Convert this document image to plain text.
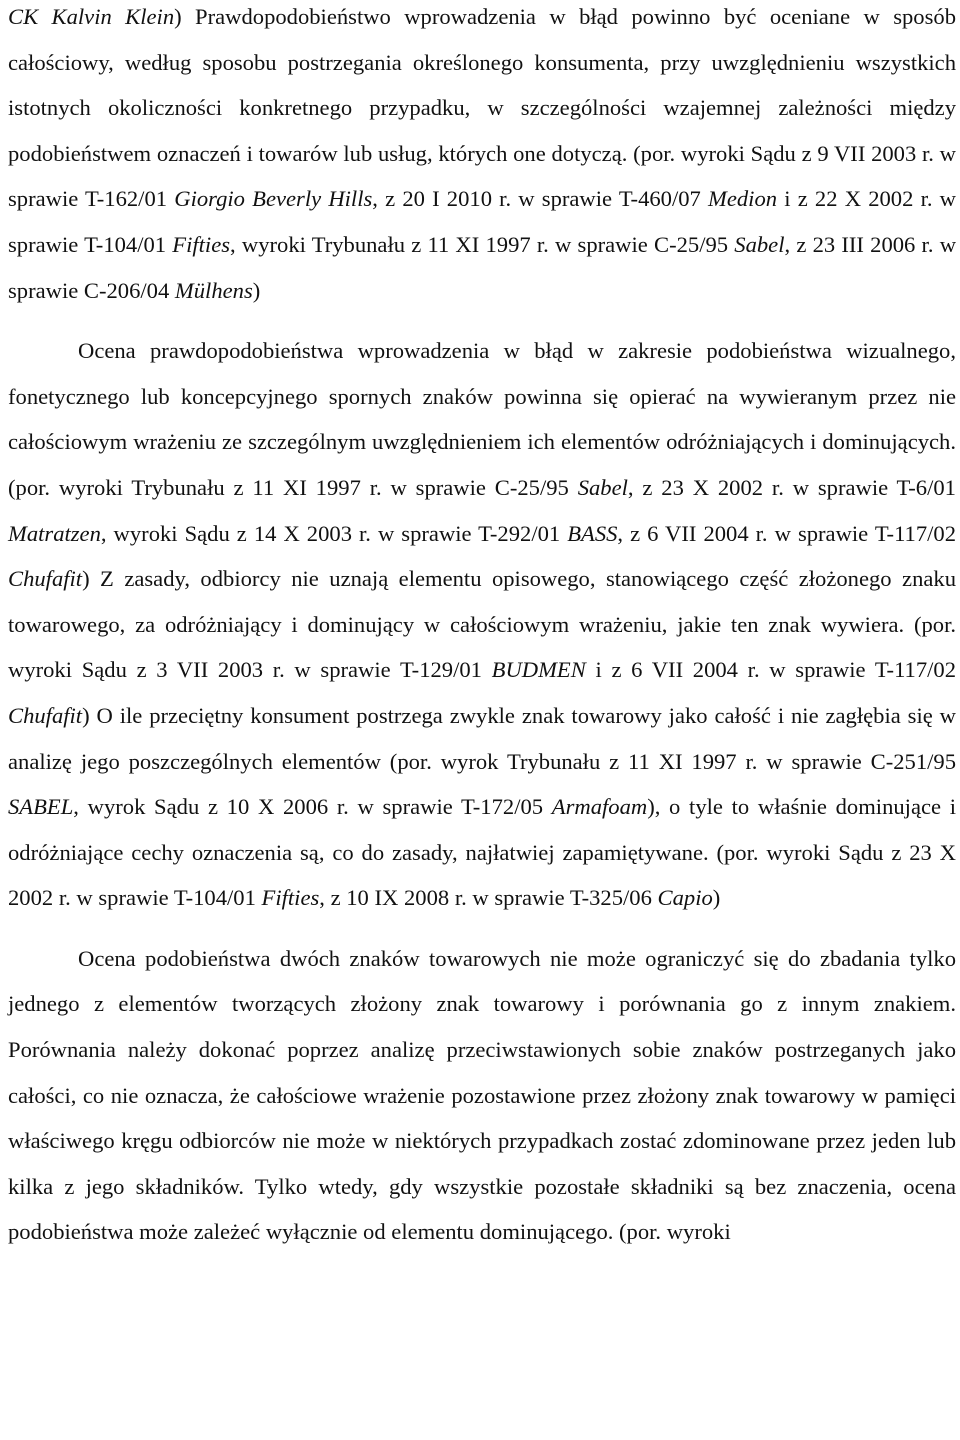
CK Kalvin Klein) Prawdopodobieństwo wprowadzenia w błąd powinno być oceniane w sposób całościowy, według sposobu postrzegania określonego konsumenta, przy uwzględnieniu wszystkich istotnych okoliczności konkretnego przypadku, w szczególności wzajemnej zależności między podobieństwem oznaczeń i towarów lub usług, których one dotyczą. (por. wyroki Sądu z 9 VII 2003 r. w sprawie T-162/01 Giorgio Beverly Hills, z 20 I 2010 r. w sprawie T-460/07 Medion i z 22 X 2002 r. w sprawie T-104/01 Fifties, wyroki Trybunału z 11 XI 1997 r. w sprawie C-25/95 Sabel, z 23 III 2006 r. w sprawie C-206/04 Mülhens)

Ocena prawdopodobieństwa wprowadzenia w błąd w zakresie podobieństwa wizualnego, fonetycznego lub koncepcyjnego spornych znaków powinna się opierać na wywieranym przez nie całościowym wrażeniu ze szczególnym uwzględnieniem ich elementów odróżniających i dominujących. (por. wyroki Trybunału z 11 XI 1997 r. w sprawie C-25/95 Sabel, z 23 X 2002 r. w sprawie T-6/01 Matratzen, wyroki Sądu z 14 X 2003 r. w sprawie T-292/01 BASS, z 6 VII 2004 r. w sprawie T-117/02 Chufafit) Z zasady, odbiorcy nie uznają elementu opisowego, stanowiącego część złożonego znaku towarowego, za odróżniający i dominujący w całościowym wrażeniu, jakie ten znak wywiera. (por. wyroki Sądu z 3 VII 2003 r. w sprawie T-129/01 BUDMEN i z 6 VII 2004 r. w sprawie T-117/02 Chufafit) O ile przeciętny konsument postrzega zwykle znak towarowy jako całość i nie zagłębia się w analizę jego poszczególnych elementów (por. wyrok Trybunału z 11 XI 1997 r. w sprawie C-251/95 SABEL, wyrok Sądu z 10 X 2006 r. w sprawie T-172/05 Armafoam), o tyle to właśnie dominujące i odróżniające cechy oznaczenia są, co do zasady, najłatwiej zapamiętywane. (por. wyroki Sądu z 23 X 2002 r. w sprawie T-104/01 Fifties, z 10 IX 2008 r. w sprawie T-325/06 Capio)

Ocena podobieństwa dwóch znaków towarowych nie może ograniczyć się do zbadania tylko jednego z elementów tworzących złożony znak towarowy i porównania go z innym znakiem. Porównania należy dokonać poprzez analizę przeciwstawionych sobie znaków postrzeganych jako całości, co nie oznacza, że całościowe wrażenie pozostawione przez złożony znak towarowy w pamięci właściwego kręgu odbiorców nie może w niektórych przypadkach zostać zdominowane przez jeden lub kilka z jego składników. Tylko wtedy, gdy wszystkie pozostałe składniki są bez znaczenia, ocena podobieństwa może zależeć wyłącznie od elementu dominującego. (por. wyroki
